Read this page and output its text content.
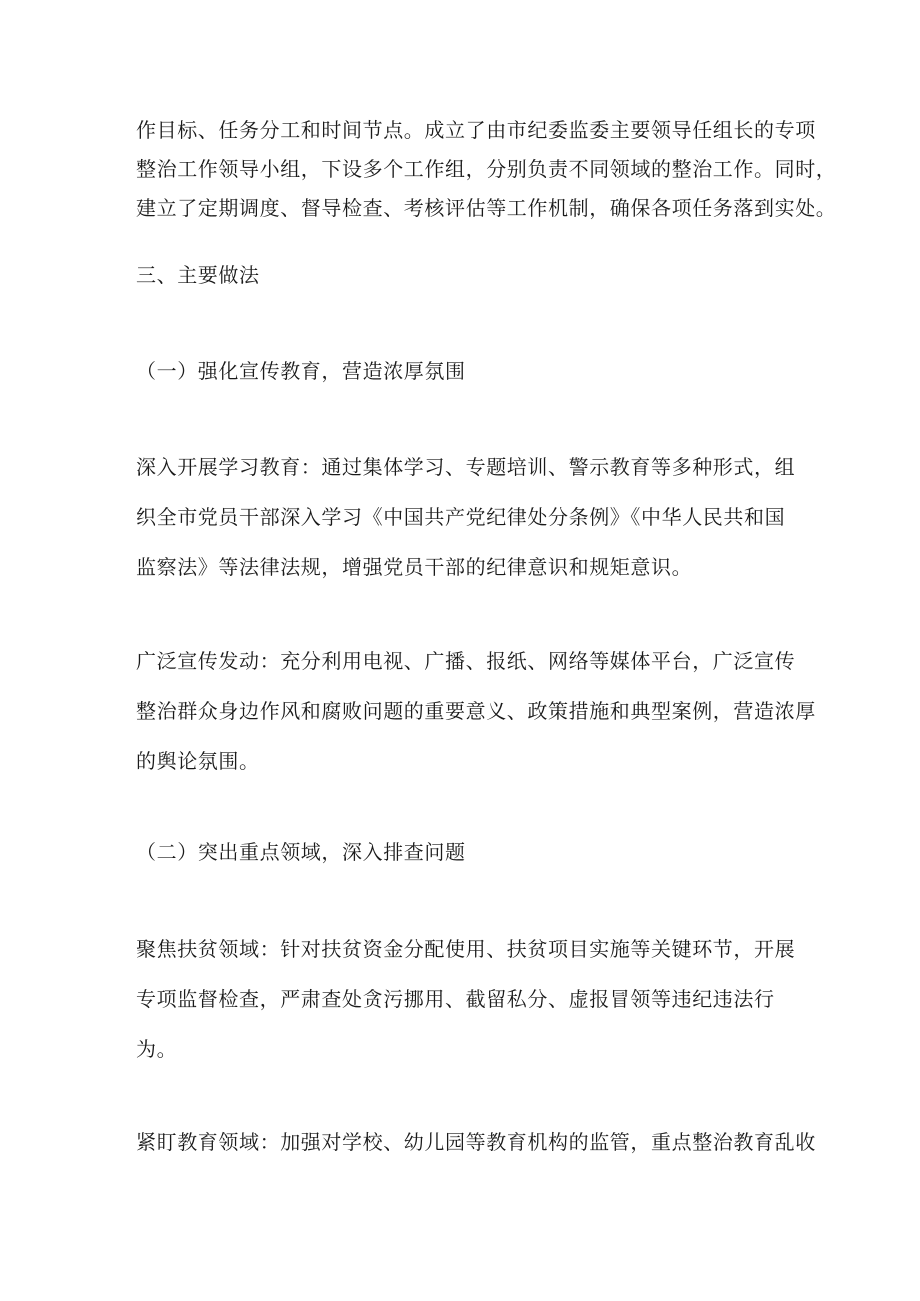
作目标、任务分工和时间节点。成立了由市纪委监委主要领导任组长的专项
整治工作领导小组，下设多个工作组，分别负责不同领域的整治工作。同时，
建立了定期调度、督导检查、考核评估等工作机制，确保各项任务落到实处。
三、主要做法
（一）强化宣传教育，营造浓厚氛围
深入开展学习教育：通过集体学习、专题培训、警示教育等多种形式，组
织全市党员干部深入学习《中国共产党纪律处分条例》《中华人民共和国
监察法》等法律法规，增强党员干部的纪律意识和规矩意识。
广泛宣传发动：充分利用电视、广播、报纸、网络等媒体平台，广泛宣传
整治群众身边作风和腐败问题的重要意义、政策措施和典型案例，营造浓厚
的舆论氛围。
（二）突出重点领域，深入排查问题
聚焦扶贫领域：针对扶贫资金分配使用、扶贫项目实施等关键环节，开展
专项监督检查，严肃查处贪污挪用、截留私分、虚报冒领等违纪违法行
为。
紧盯教育领域：加强对学校、幼儿园等教育机构的监管，重点整治教育乱收
